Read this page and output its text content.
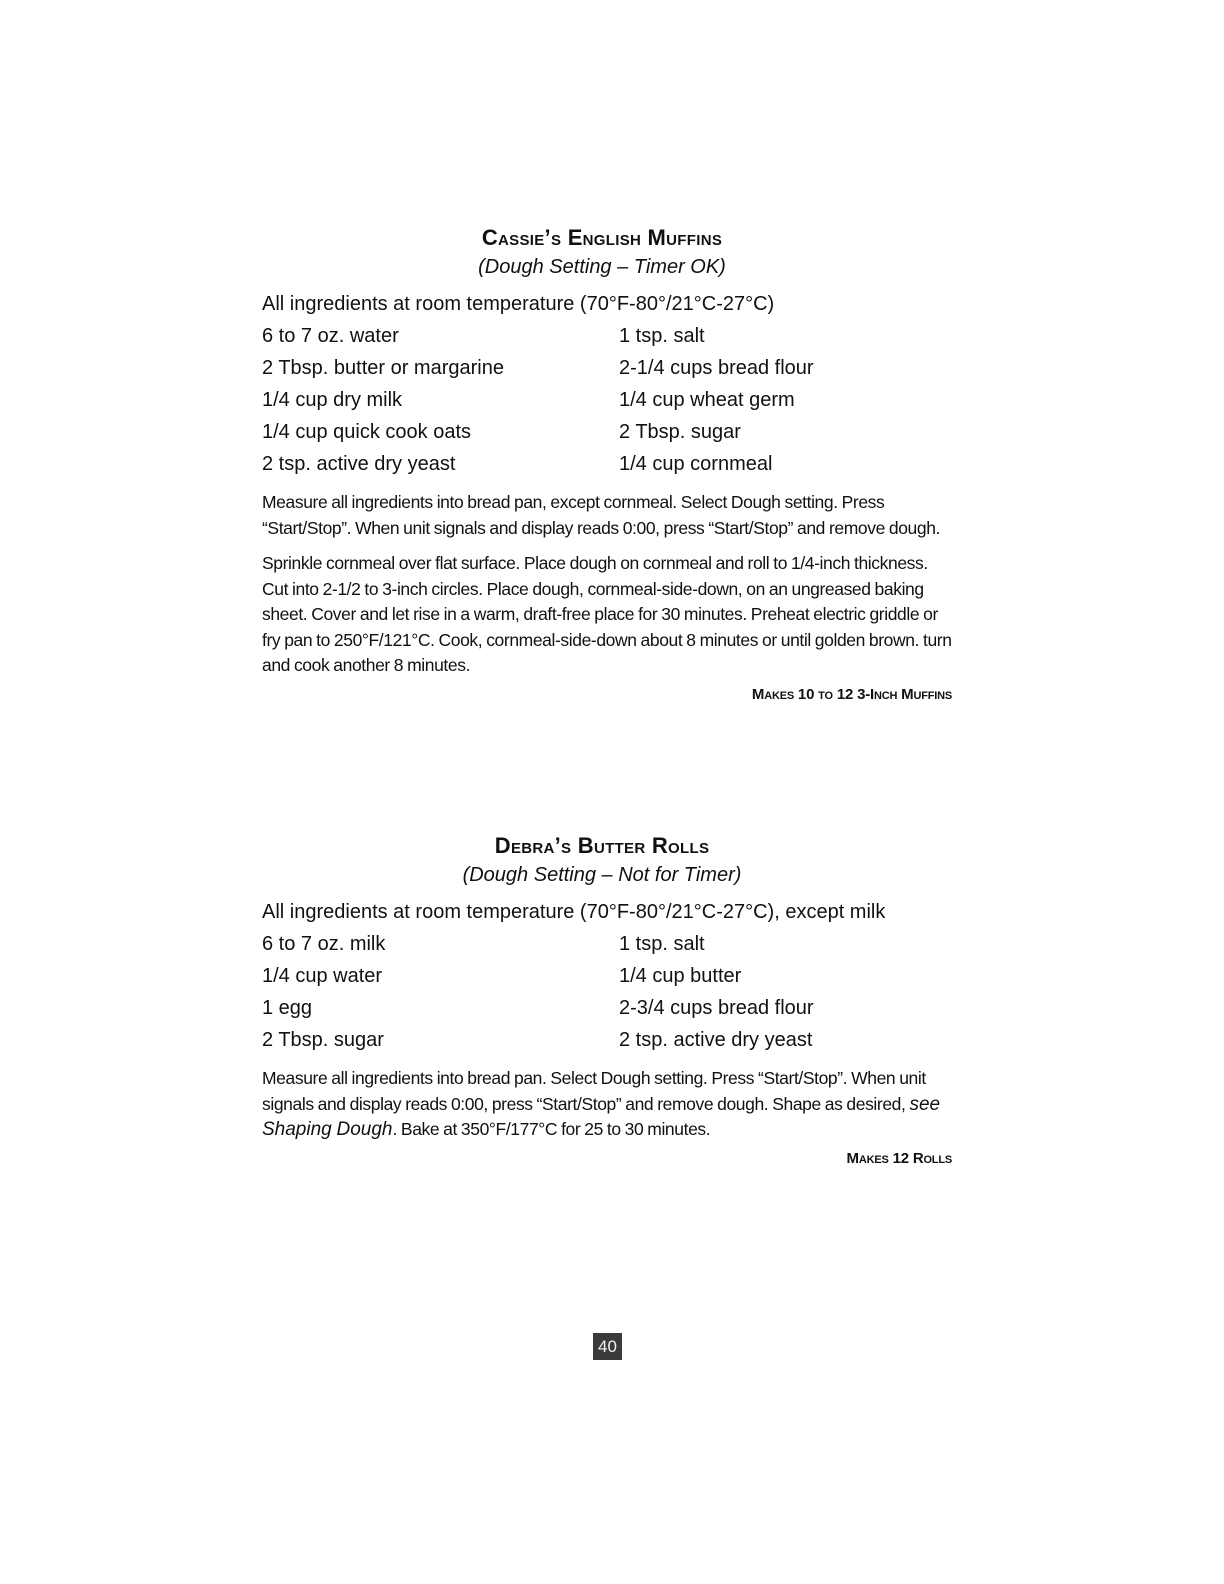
Cassie’s English Muffins
(Dough Setting – Timer OK)

All ingredients at room temperature (70°F-80°/21°C-27°C)

6 to 7 oz. water	1 tsp. salt
2 Tbsp. butter or margarine	2-1/4 cups bread flour
1/4 cup dry milk	1/4 cup wheat germ
1/4 cup quick cook oats	2 Tbsp. sugar
2 tsp. active dry yeast	1/4 cup cornmeal

Measure all ingredients into bread pan, except cornmeal. Select Dough setting. Press “Start/Stop”. When unit signals and display reads 0:00, press “Start/Stop” and remove dough.

Sprinkle cornmeal over flat surface. Place dough on cornmeal and roll to 1/4-inch thickness. Cut into 2-1/2 to 3-inch circles. Place dough, cornmeal-side-down, on an ungreased baking sheet. Cover and let rise in a warm, draft-free place for 30 minutes. Preheat electric griddle or fry pan to 250°F/121°C. Cook, cornmeal-side-down about 8 minutes or until golden brown. turn and cook another 8 minutes.

Makes 10 to 12 3-Inch Muffins
Debra’s Butter Rolls
(Dough Setting – Not for Timer)

All ingredients at room temperature (70°F-80°/21°C-27°C), except milk

6 to 7 oz. milk	1 tsp. salt
1/4 cup water	1/4 cup butter
1 egg	2-3/4 cups bread flour
2 Tbsp. sugar	2 tsp. active dry yeast

Measure all ingredients into bread pan. Select Dough setting. Press “Start/Stop”. When unit signals and display reads 0:00, press “Start/Stop” and remove dough. Shape as desired, see Shaping Dough. Bake at 350°F/177°C for 25 to 30 minutes.

Makes 12 Rolls
40
